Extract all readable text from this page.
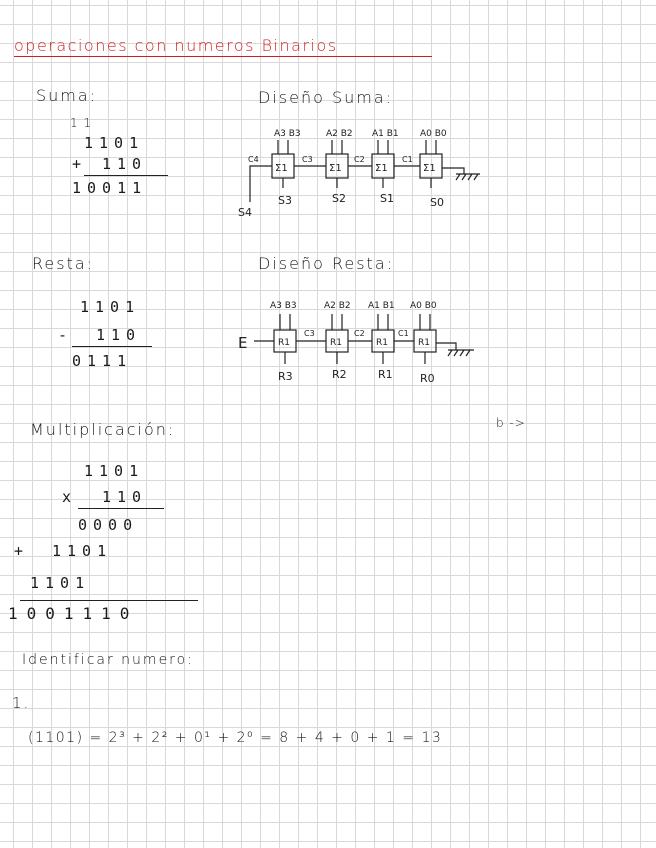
operaciones con numeros Binarios
Suma:
1 1
1101
+ 110
10011
Diseño Suma:
A3 B3	A2 B2 A1 B1 A0 B0
Σ1	Σ1	Σ1	Σ1
C4	C3	C2	C1
S3	S2	S1	S0
S4
Resta:
1101
- 110
0111
Diseño Resta:
A3 B3	A2 B2 A1 B1 A0 B0
R1	R1	R1	R1
C3	C2	C1
E
R3	R2	R1 R0
b ->
Multiplicación:
1101
x 110
0000
+ 1101
1101
1001110
Identificar numero:
1.
(1101) = 2³ + 2² + 0¹ + 2⁰ = 8 + 4 + 0 + 1 = 13
